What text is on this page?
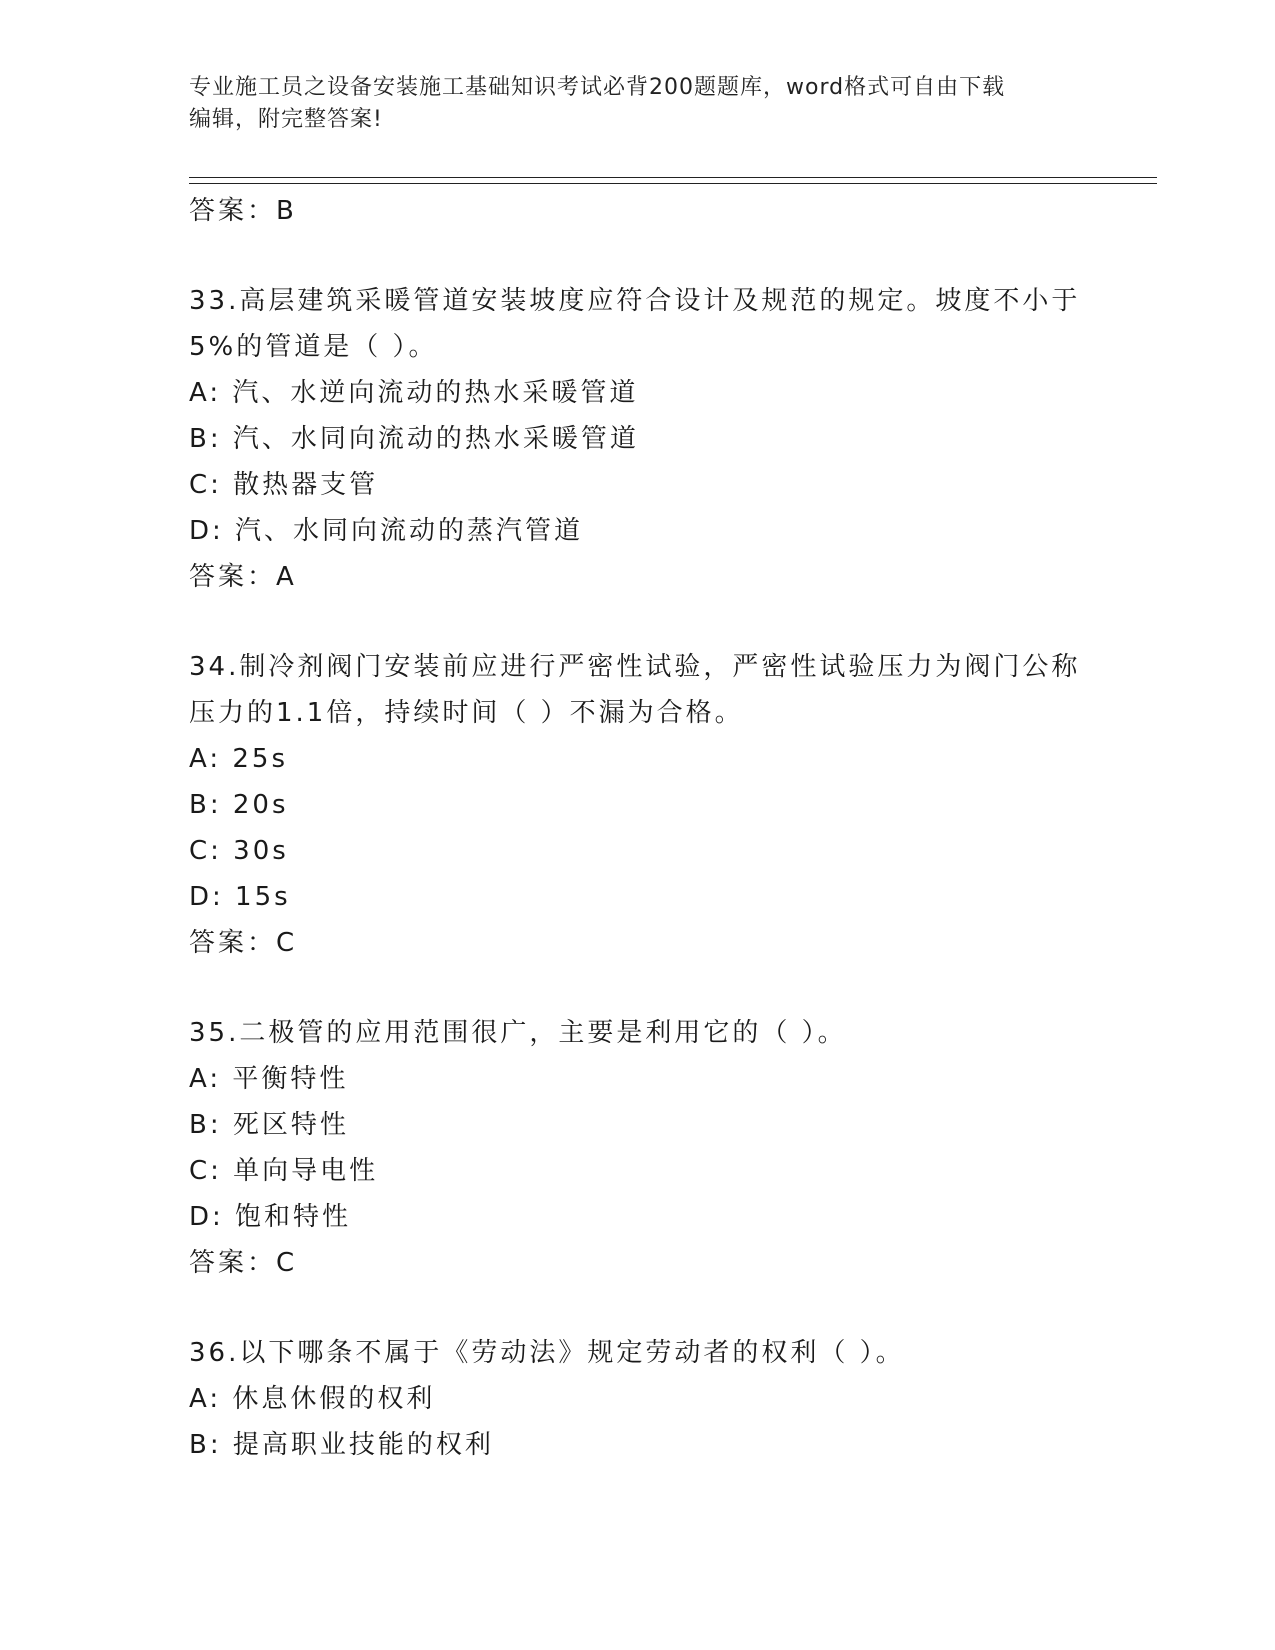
专业施工员之设备安装施工基础知识考试必背200题题库，word格式可自由下载
编辑，附完整答案!
答案：B
33.高层建筑采暖管道安装坡度应符合设计及规范的规定。坡度不小于
5%的管道是（ ）。
A: 汽、水逆向流动的热水采暖管道
B: 汽、水同向流动的热水采暖管道
C: 散热器支管
D: 汽、水同向流动的蒸汽管道
答案：A
34.制冷剂阀门安装前应进行严密性试验，严密性试验压力为阀门公称
压力的1.1倍，持续时间（ ）不漏为合格。
A: 25s
B: 20s
C: 30s
D: 15s
答案：C
35.二极管的应用范围很广，主要是利用它的（ ）。
A: 平衡特性
B: 死区特性
C: 单向导电性
D: 饱和特性
答案：C
36.以下哪条不属于《劳动法》规定劳动者的权利（ ）。
A: 休息休假的权利
B: 提高职业技能的权利
